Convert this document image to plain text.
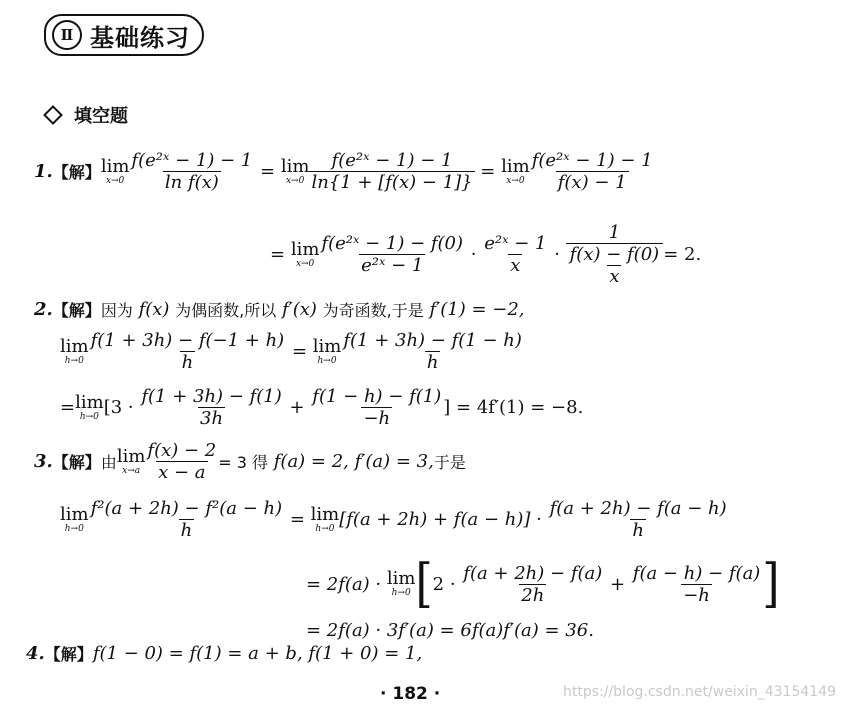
Ⅱ 基础练习
填空题
1. 【解】 lim
$x\to 0 \frac{\text{f(e²ˣ − 1) − 1}}{\text{ln f(x)}} = \lim$
$x\to 0 \frac{\text{f(e²ˣ − 1) − 1}}{\ln\{1 + [f(x) - 1]\}} = \lim$
$x\to 0 \frac{\text{f(e²ˣ − 1) − 1}}{f(x) - 1}$
= lim
$x\to 0 \frac{\text{f(e²ˣ − 1) − f(0)}}{\text{e²ˣ − 1}} \cdot \frac{\text{e²ˣ − 1}}{x} \cdot \frac{1}{\frac{f(x) - f(0)}{x}} = 2$.
2. 【解】 因为
f(x)
为偶函数,所以
f′(x)
为奇函数,于是
f′(1) = −2,
lim
$h\to 0 \frac{f(1 + 3h) - f(-1 + h)}{h} = \lim$
$h\to 0 \frac{f(1 + 3h) - f(1 - h)}{h}$
= lim
h→0 [3 ·
$\frac{f(1 + 3h) - f(1)}{3h} + \frac{f(1 - h) - f(1)}{-h}$ ] = 4f′(1) = −8.
3. 【解】 由 lim
$x\to a \frac{f(x) - 2}{x - a} = 3$ 得
f(a) = 2, f′(a) = 3, 于是
lim
$h\to 0 \frac{\text{f²(a + 2h) − f²(a − h)}}{h} = \lim$
h→0 [f(a + 2h) + f(a − h)] ·
$\frac{f(a + 2h) - f(a - h)}{h}$
= 2f(a) ·
lim
h→0 [ 2 ·
$\frac{f(a + 2h) - f(a)}{2h} + \frac{f(a - h) - f(a)}{-h}$ ]
= 2f(a) · 3f′(a) = 6f(a)f′(a) = 36.
4. 【解】 f(1 − 0) = f(1) = a + b, f(1 + 0) = 1,
· 182 ·	https://blog.csdn.net/weixin_43154149
